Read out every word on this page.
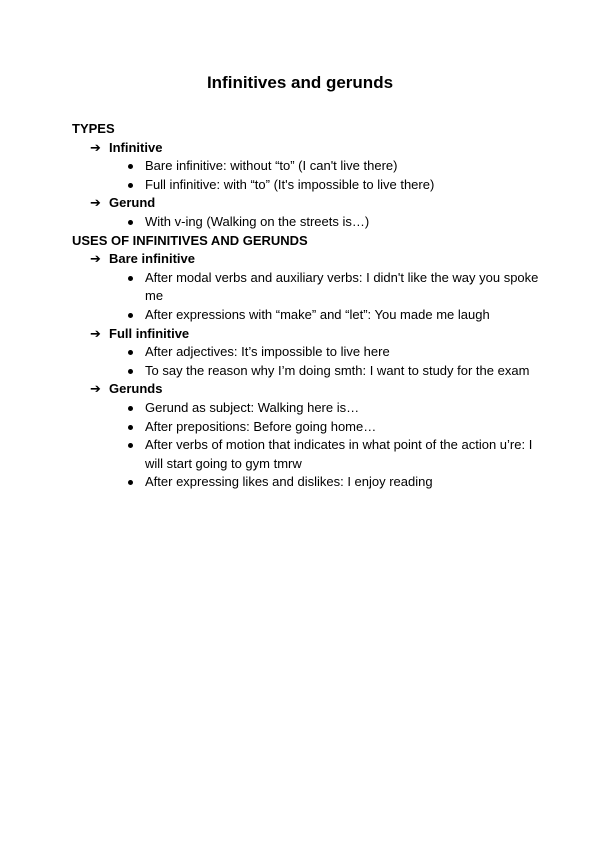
Infinitives and gerunds
TYPES
➔ Infinitive
Bare infinitive: without “to” (I can't live there)
Full infinitive: with “to” (It's impossible to live there)
➔ Gerund
With v-ing (Walking on the streets is…)
USES OF INFINITIVES AND GERUNDS
➔ Bare infinitive
After modal verbs and auxiliary verbs: I didn't like the way you spoke me
After expressions with “make” and “let”: You made me laugh
➔ Full infinitive
After adjectives: It’s impossible to live here
To say the reason why I’m doing smth: I want to study for the exam
➔ Gerunds
Gerund as subject: Walking here is…
After prepositions: Before going home…
After verbs of motion that indicates in what point of the action u’re: I will start going to gym tmrw
After expressing likes and dislikes: I enjoy reading
